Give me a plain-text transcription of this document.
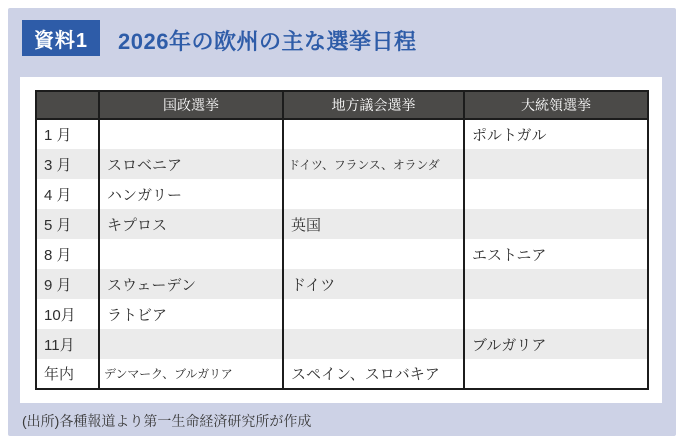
資料1	2026年の欧州の主な選挙日程
	国政選挙	地方議会選挙	大統領選挙
1 月			ポルトガル
3 月	スロベニア	ドイツ、フランス、オランダ	
4 月	ハンガリー		
5 月	キプロス	英国	
8 月			エストニア
9 月	スウェーデン	ドイツ	
10月	ラトビア		
11月			ブルガリア
年内	デンマーク、ブルガリア	スペイン、スロバキア	
(出所)各種報道より第一生命経済研究所が作成
